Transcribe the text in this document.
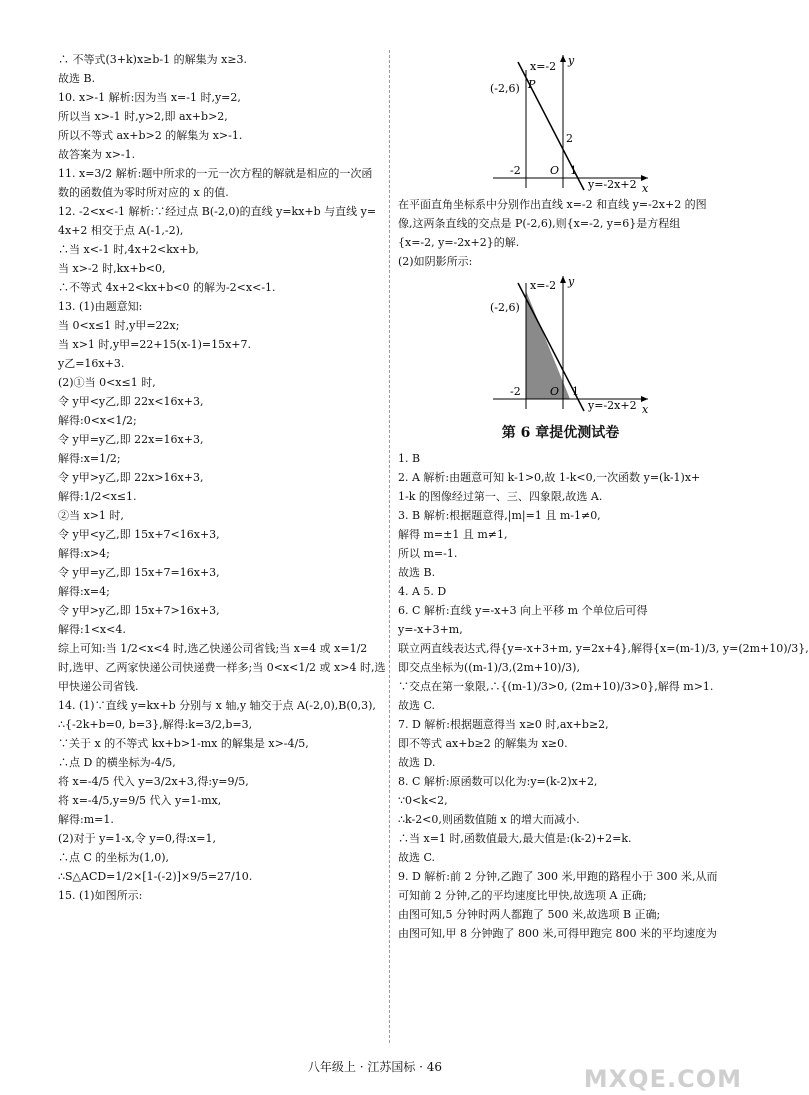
∴ 不等式(3+k)x≥b-1 的解集为 x≥3.
故选 B.
10. x>-1 解析:因为当 x=-1 时,y=2,
所以当 x>-1 时,y>2,即 ax+b>2,
所以不等式 ax+b>2 的解集为 x>-1.
故答案为 x>-1.
11. x=3/2 解析:题中所求的一元一次方程的解就是相应的一次函
数的函数值为零时所对应的 x 的值.
12. -2<x<-1 解析:∵经过点 B(-2,0)的直线 y=kx+b 与直线 y=
4x+2 相交于点 A(-1,-2),
∴当 x<-1 时,4x+2<kx+b,
当 x>-2 时,kx+b<0,
∴不等式 4x+2<kx+b<0 的解为-2<x<-1.
13. (1)由题意知:
当 0<x≤1 时,y甲=22x;
当 x>1 时,y甲=22+15(x-1)=15x+7.
y乙=16x+3.
(2)①当 0<x≤1 时,
令 y甲<y乙,即 22x<16x+3,
解得:0<x<1/2;
令 y甲=y乙,即 22x=16x+3,
解得:x=1/2;
令 y甲>y乙,即 22x>16x+3,
解得:1/2<x≤1.
②当 x>1 时,
令 y甲<y乙,即 15x+7<16x+3,
解得:x>4;
令 y甲=y乙,即 15x+7=16x+3,
解得:x=4;
令 y甲>y乙,即 15x+7>16x+3,
解得:1<x<4.
综上可知:当 1/2<x<4 时,选乙快递公司省钱;当 x=4 或 x=1/2
时,选甲、乙两家快递公司快递费一样多;当 0<x<1/2 或 x>4 时,选
甲快递公司省钱.
14. (1)∵直线 y=kx+b 分别与 x 轴,y 轴交于点 A(-2,0),B(0,3),
∴{-2k+b=0, b=3},解得:k=3/2,b=3,
∵关于 x 的不等式 kx+b>1-mx 的解集是 x>-4/5,
∴点 D 的横坐标为-4/5,
将 x=-4/5 代入 y=3/2x+3,得:y=9/5,
将 x=-4/5,y=9/5 代入 y=1-mx,
解得:m=1.
(2)对于 y=1-x,令 y=0,得:x=1,
∴点 C 的坐标为(1,0),
∴S△ACD=1/2×[1-(-2)]×9/5=27/10.
15. (1)如图所示:
x=-2
(-2,6) P
y
x
2
-2	O 1
y=-2x+2
在平面直角坐标系中分别作出直线 x=-2 和直线 y=-2x+2 的图
像,这两条直线的交点是 P(-2,6),则{x=-2, y=6}是方程组
{x=-2, y=-2x+2}的解.
(2)如阴影所示:
x=-2
(-2,6)
y
x
-2	O 1
y=-2x+2
第 6 章提优测试卷
1. B
2. A 解析:由题意可知 k-1>0,故 1-k<0,一次函数 y=(k-1)x+
1-k 的图像经过第一、三、四象限,故选 A.
3. B 解析:根据题意得,|m|=1 且 m-1≠0,
解得 m=±1 且 m≠1,
所以 m=-1.
故选 B.
4. A 5. D
6. C 解析:直线 y=-x+3 向上平移 m 个单位后可得
y=-x+3+m,
联立两直线表达式,得{y=-x+3+m, y=2x+4},解得{x=(m-1)/3, y=(2m+10)/3},
即交点坐标为((m-1)/3,(2m+10)/3),
∵交点在第一象限,∴{(m-1)/3>0, (2m+10)/3>0},解得 m>1.
故选 C.
7. D 解析:根据题意得当 x≥0 时,ax+b≥2,
即不等式 ax+b≥2 的解集为 x≥0.
故选 D.
8. C 解析:原函数可以化为:y=(k-2)x+2,
∵0<k<2,
∴k-2<0,则函数值随 x 的增大而减小.
∴当 x=1 时,函数值最大,最大值是:(k-2)+2=k.
故选 C.
9. D 解析:前 2 分钟,乙跑了 300 米,甲跑的路程小于 300 米,从而
可知前 2 分钟,乙的平均速度比甲快,故选项 A 正确;
由图可知,5 分钟时两人都跑了 500 米,故选项 B 正确;
由图可知,甲 8 分钟跑了 800 米,可得甲跑完 800 米的平均速度为
八年级上 · 江苏国标 · 46	MXQE.COM
